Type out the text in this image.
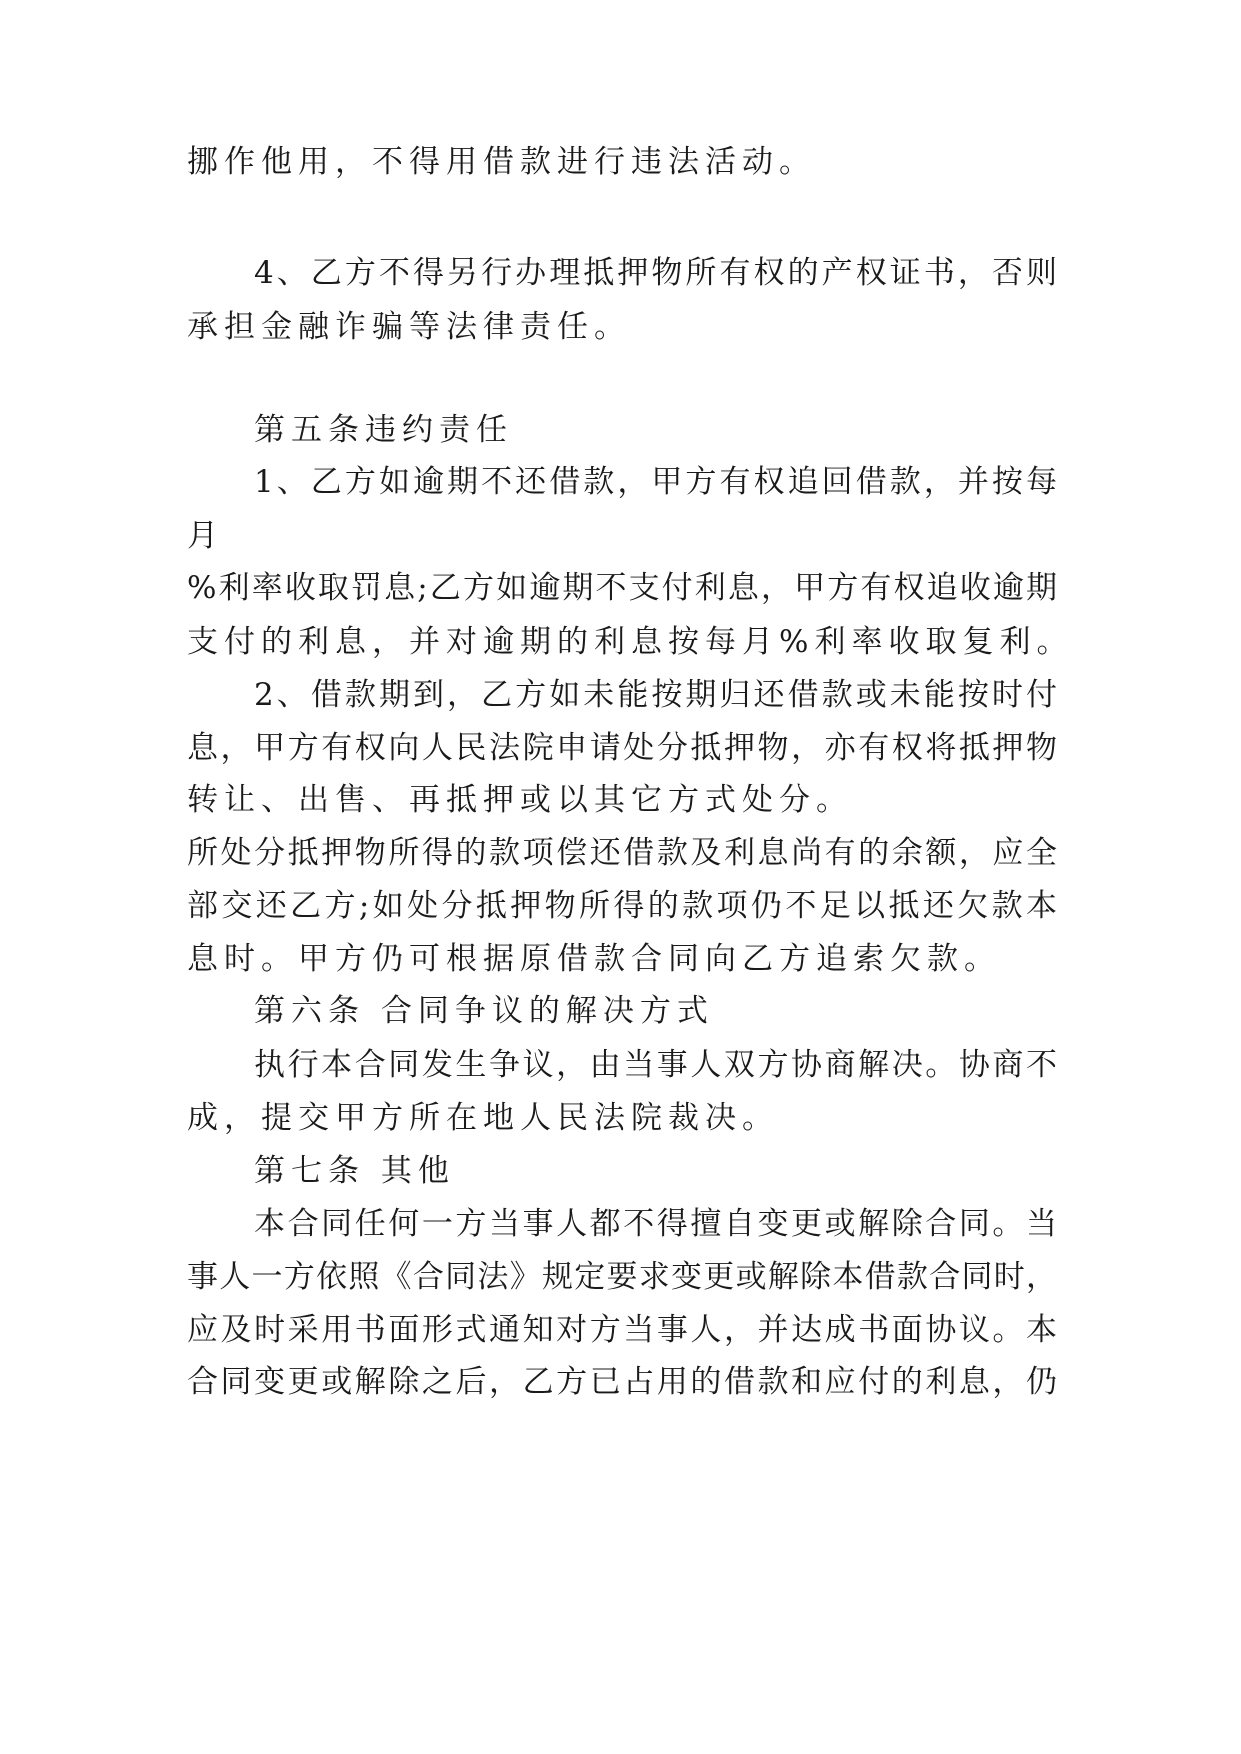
挪作他用，不得用借款进行违法活动。
4、乙方不得另行办理抵押物所有权的产权证书，否则
承担金融诈骗等法律责任。
第五条违约责任
1、乙方如逾期不还借款，甲方有权追回借款，并按每
月
%利率收取罚息;乙方如逾期不支付利息，甲方有权追收逾期
支付的利息，并对逾期的利息按每月%利率收取复利。
2、借款期到，乙方如未能按期归还借款或未能按时付
息，甲方有权向人民法院申请处分抵押物，亦有权将抵押物
转让、出售、再抵押或以其它方式处分。
所处分抵押物所得的款项偿还借款及利息尚有的余额，应全
部交还乙方;如处分抵押物所得的款项仍不足以抵还欠款本
息时。甲方仍可根据原借款合同向乙方追索欠款。
第六条 合同争议的解决方式
执行本合同发生争议，由当事人双方协商解决。协商不
成，提交甲方所在地人民法院裁决。
第七条 其他
本合同任何一方当事人都不得擅自变更或解除合同。当
事人一方依照《合同法》规定要求变更或解除本借款合同时，
应及时采用书面形式通知对方当事人，并达成书面协议。本
合同变更或解除之后，乙方已占用的借款和应付的利息，仍
